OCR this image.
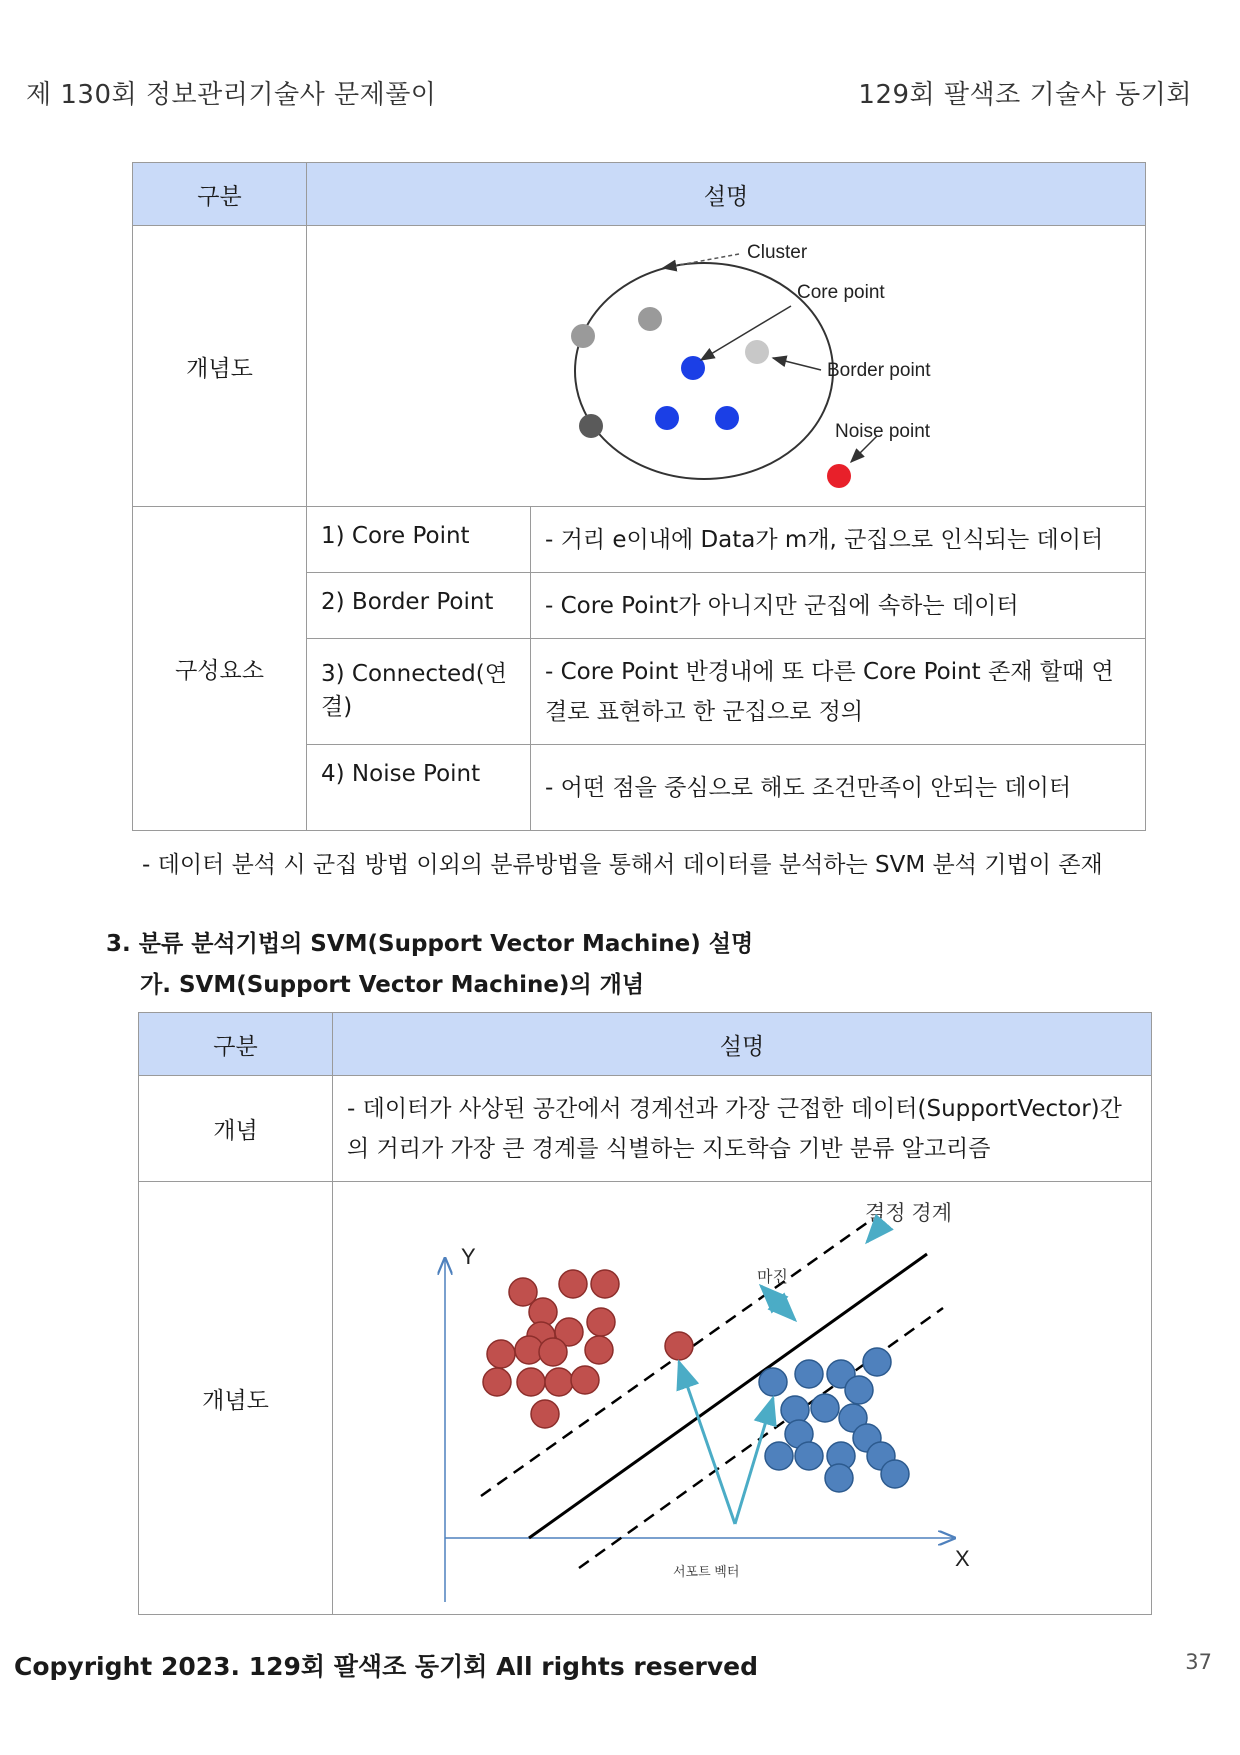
제 130회 정보관리기술사 문제풀이	129회 팔색조 기술사 동기회
구분	설명	
개념도	Cluster
Core point
Border point
Noise point	

구성요소	1) Core Point	- 거리 e이내에 Data가 m개, 군집으로 인식되는 데이터
	2) Border Point	- Core Point가 아니지만 군집에 속하는 데이터
	3) Connected(연결)	- Core Point 반경내에 또 다른 Core Point 존재 할때 연결로 표현하고 한 군집으로 정의
	4) Noise Point	- 어떤 점을 중심으로 해도 조건만족이 안되는 데이터
- 데이터 분석 시 군집 방법 이외의 분류방법을 통해서 데이터를 분석하는 SVM 분석 기법이 존재
3. 분류 분석기법의 SVM(Support Vector Machine) 설명
가. SVM(Support Vector Machine)의 개념
구분	설명
개념	- 데이터가 사상된 공간에서 경계선과 가장 근접한 데이터(SupportVector)간의 거리가 가장 큰 경계를 식별하는 지도학습 기반 분류 알고리즘
개념도	Y
X
서포트 벡터
마진
결정 경계
Copyright 2023. 129회 팔색조 동기회 All rights reserved	37
